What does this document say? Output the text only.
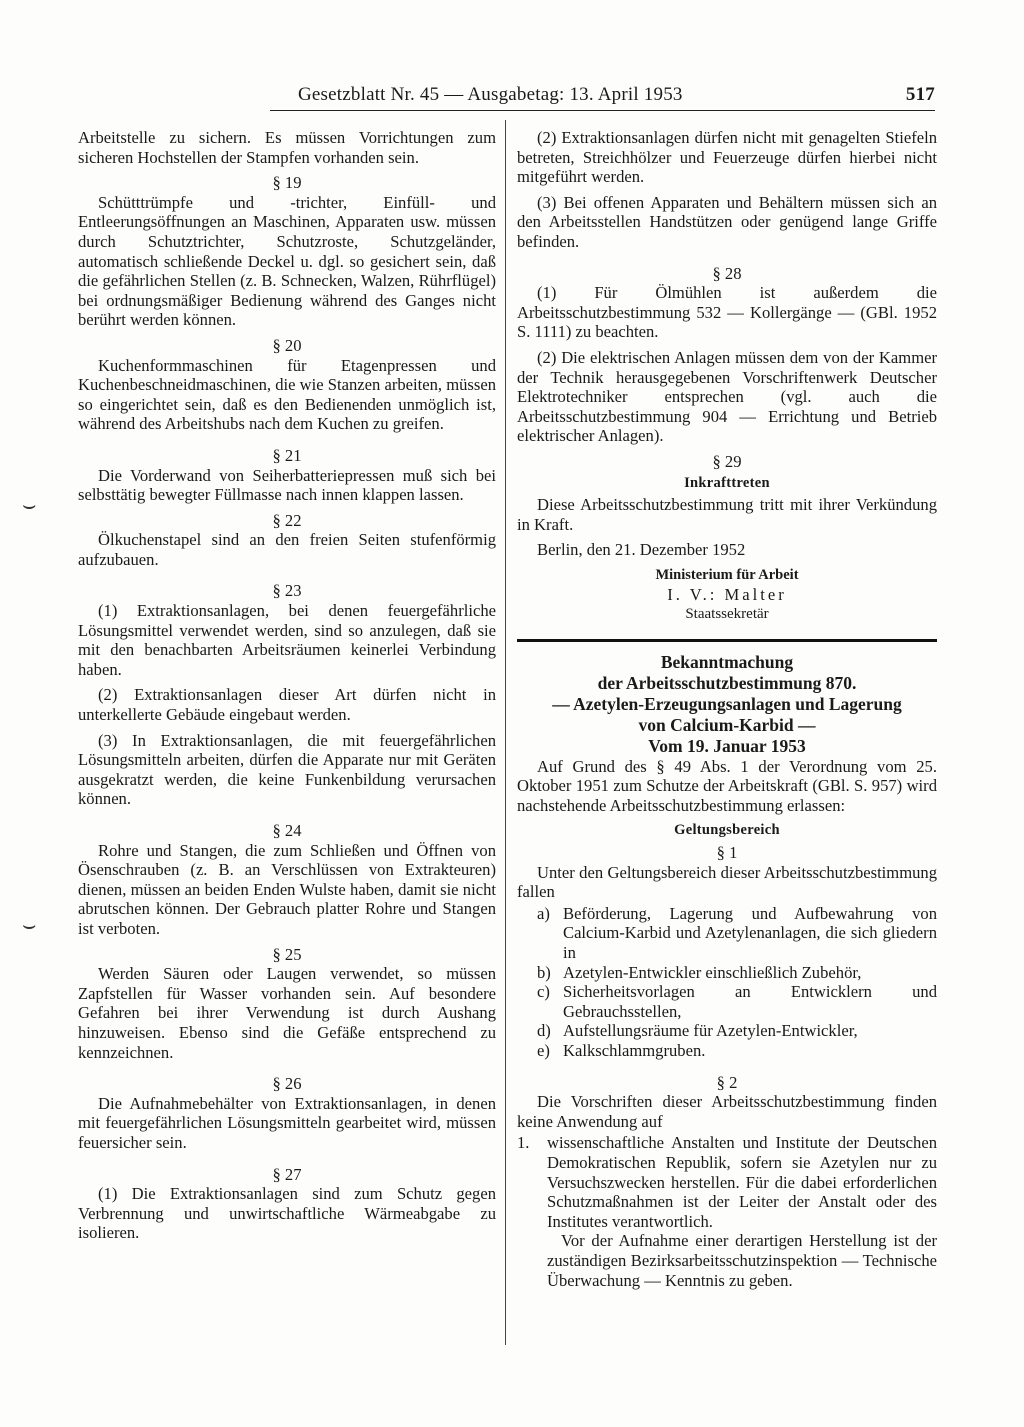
Gesetzblatt Nr. 45 — Ausgabetag: 13. April 1953	517
⌣
⌣

Arbeitstelle zu sichern. Es müssen Vorrichtungen zum sicheren Hochstellen der Stampfen vorhanden sein.

§ 19

Schütttrümpfe und -trichter, Einfüll- und Entleerungsöffnungen an Maschinen, Apparaten usw. müssen durch Schutztrichter, Schutzroste, Schutzgeländer, automatisch schließende Deckel u. dgl. so gesichert sein, daß die gefährlichen Stellen (z. B. Schnecken, Walzen, Rührflügel) bei ordnungsmäßiger Bedienung während des Ganges nicht berührt werden können.

§ 20

Kuchenformmaschinen für Etagenpressen und Kuchenbeschneidmaschinen, die wie Stanzen arbeiten, müssen so eingerichtet sein, daß es den Bedienenden unmöglich ist, während des Arbeitshubs nach dem Kuchen zu greifen.

§ 21

Die Vorderwand von Seiherbatteriepressen muß sich bei selbsttätig bewegter Füllmasse nach innen klappen lassen.

§ 22

Ölkuchenstapel sind an den freien Seiten stufenförmig aufzubauen.

§ 23

(1) Extraktionsanlagen, bei denen feuergefährliche Lösungsmittel verwendet werden, sind so anzulegen, daß sie mit den benachbarten Arbeitsräumen keinerlei Verbindung haben.

(2) Extraktionsanlagen dieser Art dürfen nicht in unterkellerte Gebäude eingebaut werden.

(3) In Extraktionsanlagen, die mit feuergefährlichen Lösungsmitteln arbeiten, dürfen die Apparate nur mit Geräten ausgekratzt werden, die keine Funkenbildung verursachen können.

§ 24

Rohre und Stangen, die zum Schließen und Öffnen von Ösenschrauben (z. B. an Verschlüssen von Extrakteuren) dienen, müssen an beiden Enden Wulste haben, damit sie nicht abrutschen können. Der Gebrauch platter Rohre und Stangen ist verboten.

§ 25

Werden Säuren oder Laugen verwendet, so müssen Zapfstellen für Wasser vorhanden sein. Auf besondere Gefahren bei ihrer Verwendung ist durch Aushang hinzuweisen. Ebenso sind die Gefäße entsprechend zu kennzeichnen.

§ 26

Die Aufnahmebehälter von Extraktionsanlagen, in denen mit feuergefährlichen Lösungsmitteln gearbeitet wird, müssen feuersicher sein.

§ 27

(1) Die Extraktionsanlagen sind zum Schutz gegen Verbrennung und unwirtschaftliche Wärmeabgabe zu isolieren.

(2) Extraktionsanlagen dürfen nicht mit genagelten Stiefeln betreten, Streichhölzer und Feuerzeuge dürfen hierbei nicht mitgeführt werden.

(3) Bei offenen Apparaten und Behältern müssen sich an den Arbeitsstellen Handstützen oder genügend lange Griffe befinden.

§ 28

(1) Für Ölmühlen ist außerdem die Arbeitsschutzbestimmung 532 — Kollergänge — (GBl. 1952 S. 1111) zu beachten.

(2) Die elektrischen Anlagen müssen dem von der Kammer der Technik herausgegebenen Vorschriftenwerk Deutscher Elektrotechniker entsprechen (vgl. auch die Arbeitsschutzbestimmung 904 — Errichtung und Betrieb elektrischer Anlagen).

§ 29
Inkrafttreten

Diese Arbeitsschutzbestimmung tritt mit ihrer Verkündung in Kraft.

Berlin, den 21. Dezember 1952

Ministerium für Arbeit
I. V.: Malter
Staatssekretär
Bekanntmachung
der Arbeitsschutzbestimmung 870.
— Azetylen-Erzeugungsanlagen und Lagerung
von Calcium-Karbid —
Vom 19. Januar 1953

Auf Grund des § 49 Abs. 1 der Verordnung vom 25. Oktober 1951 zum Schutze der Arbeitskraft (GBl. S. 957) wird nachstehende Arbeitsschutzbestimmung erlassen:

Geltungsbereich
§ 1

Unter den Geltungsbereich dieser Arbeitsschutzbestimmung fallen

a) Beförderung, Lagerung und Aufbewahrung von Calcium-Karbid und Azetylenanlagen, die sich gliedern in
b) Azetylen-Entwickler einschließlich Zubehör,
c) Sicherheitsvorlagen an Entwicklern und Gebrauchsstellen,
d) Aufstellungsräume für Azetylen-Entwickler,
e) Kalkschlammgruben.
§ 2

Die Vorschriften dieser Arbeitsschutzbestimmung finden keine Anwendung auf

1. wissenschaftliche Anstalten und Institute der Deutschen Demokratischen Republik, sofern sie Azetylen nur zu Versuchszwecken herstellen. Für die dabei erforderlichen Schutzmaßnahmen ist der Leiter der Anstalt oder des Institutes verantwortlich.

Vor der Aufnahme einer derartigen Herstellung ist der zuständigen Bezirksarbeitsschutzinspektion — Technische Überwachung — Kenntnis zu geben.
